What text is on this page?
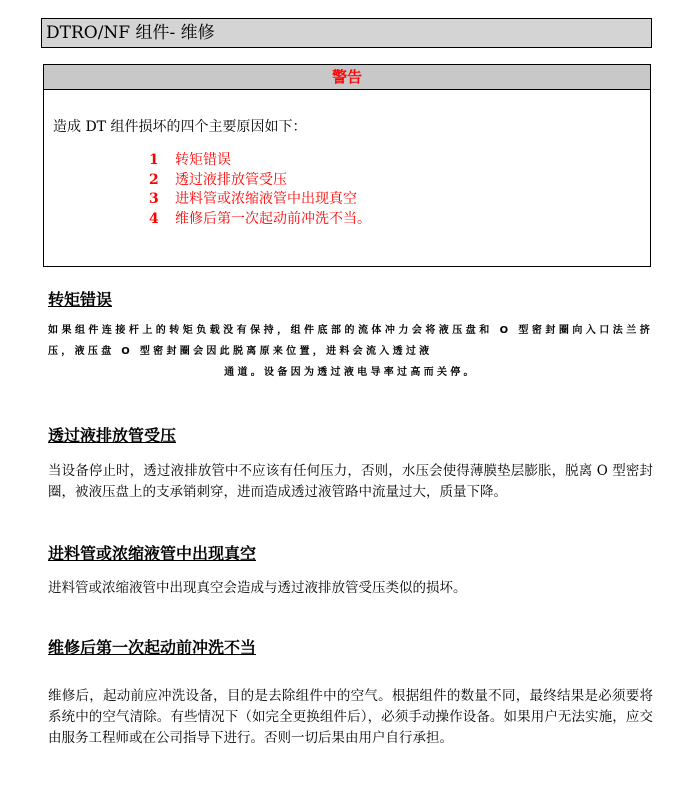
DTRO/NF 组件- 维修
警告
造成 DT 组件损坏的四个主要原因如下：
1 转矩错误
2 透过液排放管受压
3 进料管或浓缩液管中出现真空
4 维修后第一次起动前冲洗不当。
转矩错误
如果组件连接杆上的转矩负载没有保持，组件底部的流体冲力会将液压盘和 O 型密封圈向入口法兰挤压，液压盘 O 型密封圈会因此脱离原来位置，进料会流入透过液
通道。设备因为透过液电导率过高而关停。
透过液排放管受压
当设备停止时，透过液排放管中不应该有任何压力，否则，水压会使得薄膜垫层膨胀，脱离 O 型密封圈，被液压盘上的支承销刺穿，进而造成透过液管路中流量过大，质量下降。
进料管或浓缩液管中出现真空
进料管或浓缩液管中出现真空会造成与透过液排放管受压类似的损坏。
维修后第一次起动前冲洗不当
维修后，起动前应冲洗设备，目的是去除组件中的空气。根据组件的数量不同，最终结果是必须要将系统中的空气清除。有些情况下（如完全更换组件后），必须手动操作设备。如果用户无法实施，应交由服务工程师或在公司指导下进行。否则一切后果由用户自行承担。
